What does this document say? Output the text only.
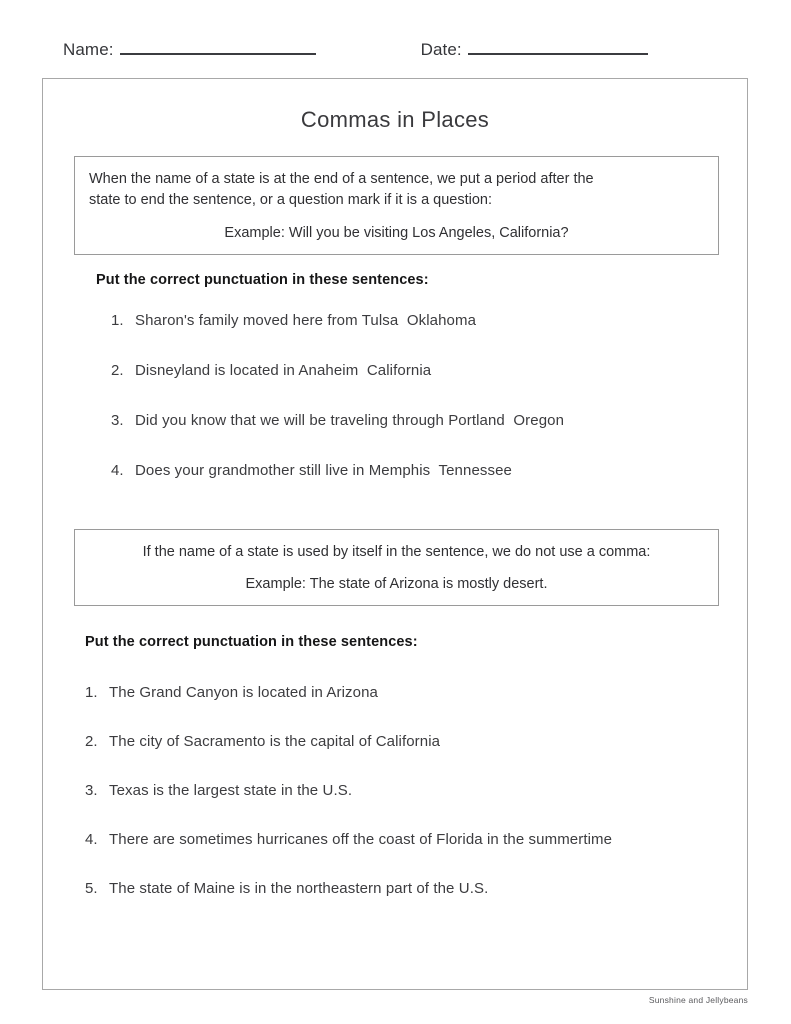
Name:	Date:
Commas in Places

When the name of a state is at the end of a sentence, we put a period after the

state to end the sentence, or a question mark if it is a question:

Example: Will you be visiting Los Angeles, California?

Put the correct punctuation in these sentences:
1. Sharon's family moved here from Tulsa  Oklahoma
2. Disneyland is located in Anaheim  California
3. Did you know that we will be traveling through Portland  Oregon
4. Does your grandmother still live in Memphis  Tennessee

If the name of a state is used by itself in the sentence, we do not use a comma:

Example: The state of Arizona is mostly desert.

Put the correct punctuation in these sentences:
1. The Grand Canyon is located in Arizona
2. The city of Sacramento is the capital of California
3. Texas is the largest state in the U.S.
4. There are sometimes hurricanes off the coast of Florida in the summertime
5. The state of Maine is in the northeastern part of the U.S.
Sunshine and Jellybeans
